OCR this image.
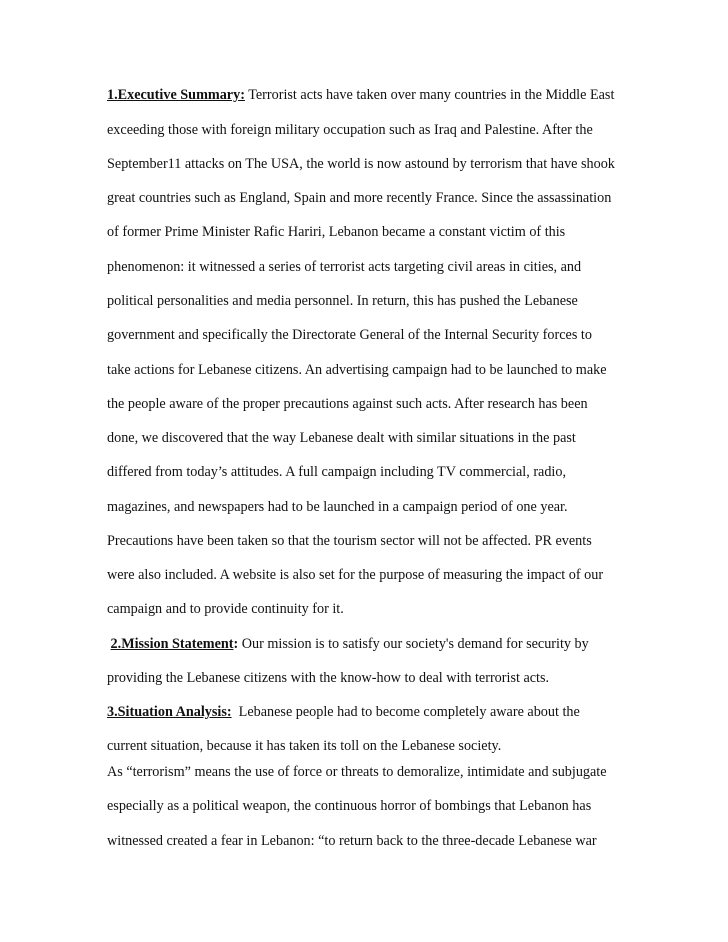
1.Executive Summary: Terrorist acts have taken over many countries in the Middle East
exceeding those with foreign military occupation such as Iraq and Palestine. After the
September11 attacks on The USA, the world is now astound by terrorism that have shook
great countries such as England, Spain and more recently France. Since the assassination
of former Prime Minister Rafic Hariri, Lebanon became a constant victim of this
phenomenon: it witnessed a series of terrorist acts targeting civil areas in cities, and
political personalities and media personnel. In return, this has pushed the Lebanese
government and specifically the Directorate General of the Internal Security forces to
take actions for Lebanese citizens. An advertising campaign had to be launched to make
the people aware of the proper precautions against such acts. After research has been
done, we discovered that the way Lebanese dealt with similar situations in the past
differed from today’s attitudes. A full campaign including TV commercial, radio,
magazines, and newspapers had to be launched in a campaign period of one year.
Precautions have been taken so that the tourism sector will not be affected. PR events
were also included. A website is also set for the purpose of measuring the impact of our
campaign and to provide continuity for it.
2.Mission Statement: Our mission is to satisfy our society's demand for security by
providing the Lebanese citizens with the know-how to deal with terrorist acts.
3.Situation Analysis:  Lebanese people had to become completely aware about the
current situation, because it has taken its toll on the Lebanese society.
As “terrorism” means the use of force or threats to demoralize, intimidate and subjugate
especially as a political weapon, the continuous horror of bombings that Lebanon has
witnessed created a fear in Lebanon: “to return back to the three-decade Lebanese war
